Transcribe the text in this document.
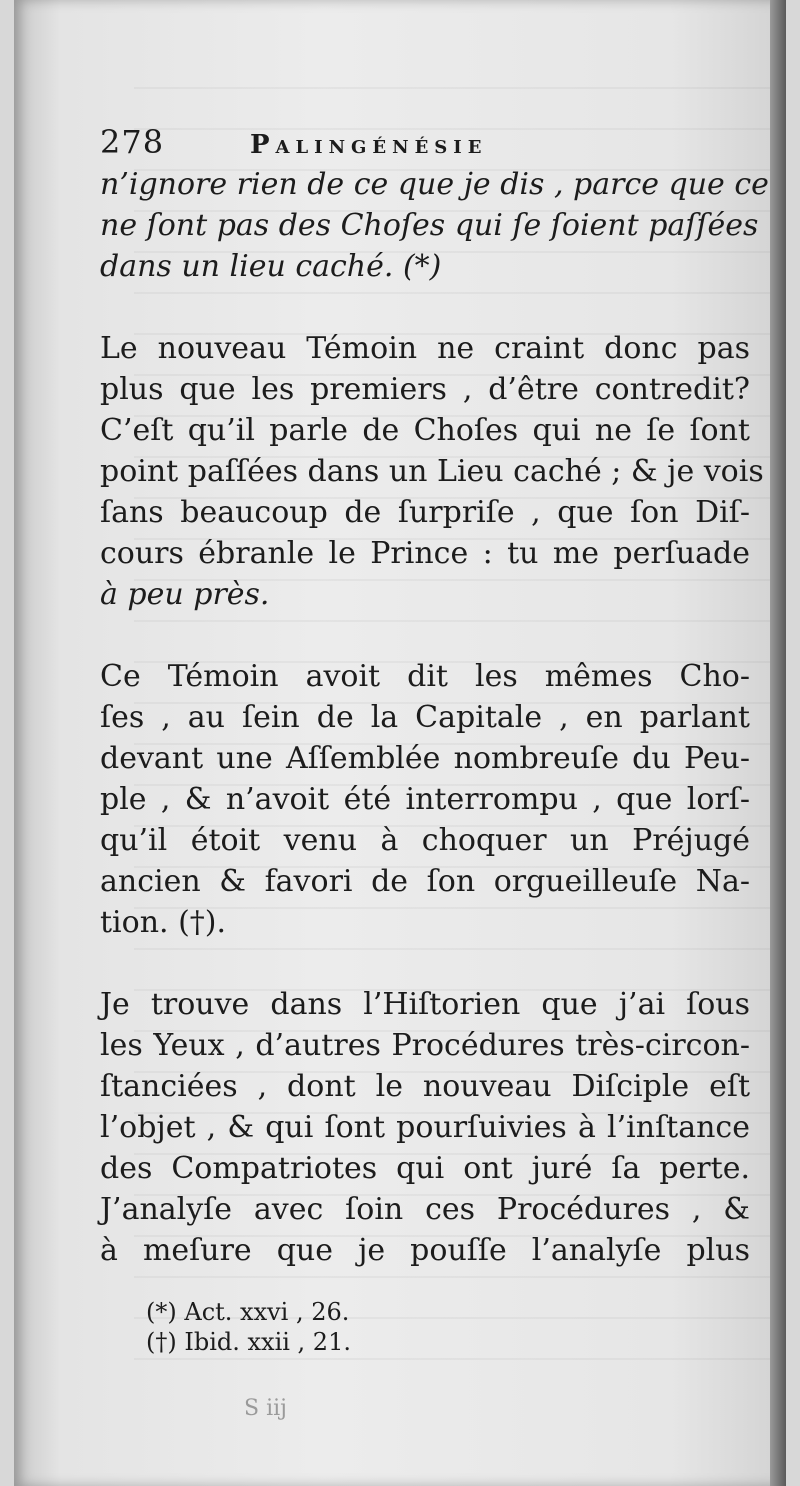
278	Palingénésie
n’ignore rien de ce que je dis , parce que ce
ne ſont pas des Choſes qui ſe ſoient paſſées
dans un lieu caché. (*)
Le nouveau Témoin ne craint donc pas
plus que les premiers , d’être contredit?
C’eſt qu’il parle de Choſes qui ne ſe ſont
point paſſées dans un Lieu caché ; & je vois
ſans beaucoup de ſurpriſe , que ſon Diſ-
cours ébranle le Prince : tu me perſuade
à peu près.
Ce Témoin avoit dit les mêmes Cho-
ſes , au ſein de la Capitale , en parlant
devant une Aſſemblée nombreuſe du Peu-
ple , & n’avoit été interrompu , que lorſ-
qu’il étoit venu à choquer un Préjugé
ancien & favori de ſon orgueilleuſe Na-
tion. (†).
Je trouve dans l’Hiſtorien que j’ai ſous
les Yeux , d’autres Procédures très-circon-
ſtanciées , dont le nouveau Diſciple eſt
l’objet , & qui ſont pourſuivies à l’inſtance
des Compatriotes qui ont juré ſa perte.
J’analyſe avec ſoin ces Procédures , &
à meſure que je pouſſe l’analyſe plus
(*) Act. xxvi , 26.
(†) Ibid. xxii , 21.
S iij
